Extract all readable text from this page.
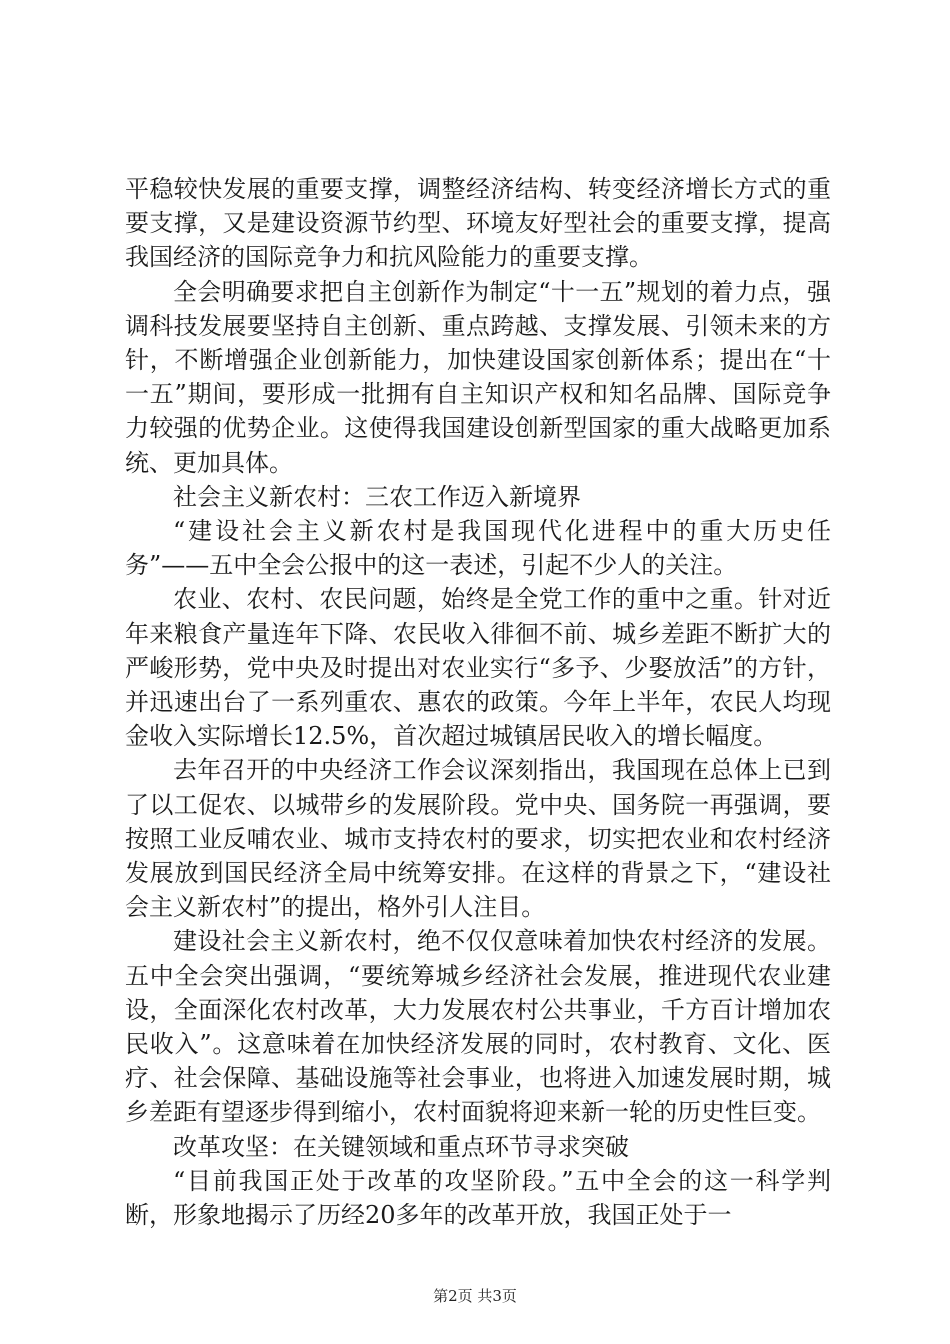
平稳较快发展的重要支撑，调整经济结构、转变经济增长方式的重要支撑，又是建设资源节约型、环境友好型社会的重要支撑，提高我国经济的国际竞争力和抗风险能力的重要支撑。

全会明确要求把自主创新作为制定“十一五”规划的着力点，强调科技发展要坚持自主创新、重点跨越、支撑发展、引领未来的方针，不断增强企业创新能力，加快建设国家创新体系；提出在“十一五”期间，要形成一批拥有自主知识产权和知名品牌、国际竞争力较强的优势企业。这使得我国建设创新型国家的重大战略更加系统、更加具体。

社会主义新农村：三农工作迈入新境界

“建设社会主义新农村是我国现代化进程中的重大历史任务”——五中全会公报中的这一表述，引起不少人的关注。

农业、农村、农民问题，始终是全党工作的重中之重。针对近年来粮食产量连年下降、农民收入徘徊不前、城乡差距不断扩大的严峻形势，党中央及时提出对农业实行“多予、少娶放活”的方针，并迅速出台了一系列重农、惠农的政策。今年上半年，农民人均现金收入实际增长12.5%，首次超过城镇居民收入的增长幅度。

去年召开的中央经济工作会议深刻指出，我国现在总体上已到了以工促农、以城带乡的发展阶段。党中央、国务院一再强调，要按照工业反哺农业、城市支持农村的要求，切实把农业和农村经济发展放到国民经济全局中统筹安排。在这样的背景之下，“建设社会主义新农村”的提出，格外引人注目。

建设社会主义新农村，绝不仅仅意味着加快农村经济的发展。五中全会突出强调，“要统筹城乡经济社会发展，推进现代农业建设，全面深化农村改革，大力发展农村公共事业，千方百计增加农民收入”。这意味着在加快经济发展的同时，农村教育、文化、医疗、社会保障、基础设施等社会事业，也将进入加速发展时期，城乡差距有望逐步得到缩小，农村面貌将迎来新一轮的历史性巨变。

改革攻坚：在关键领域和重点环节寻求突破

“目前我国正处于改革的攻坚阶段。”五中全会的这一科学判断，形象地揭示了历经20多年的改革开放，我国正处于一

第2页 共3页
